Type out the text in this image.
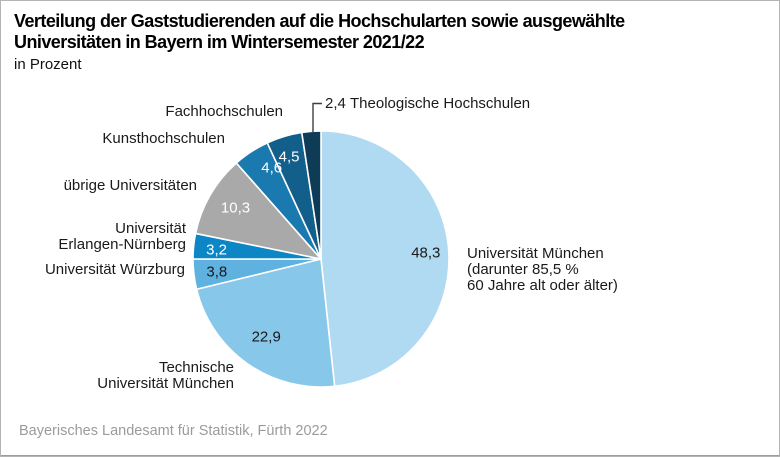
Verteilung der Gaststudierenden auf die Hochschularten sowie ausgewählte
Universitäten in Bayern im Wintersemester 2021/22
in Prozent
48,3
22,9
3,8
3,2
10,3
4,6
4,5
Universität München
(darunter 85,5 %
60 Jahre alt oder älter)
Technische
Universität München
Universität Würzburg
Universität
Erlangen-Nürnberg
übrige Universitäten
Kunsthochschulen
Fachhochschulen	2,4 Theologische Hochschulen
Bayerisches Landesamt für Statistik, Fürth 2022
